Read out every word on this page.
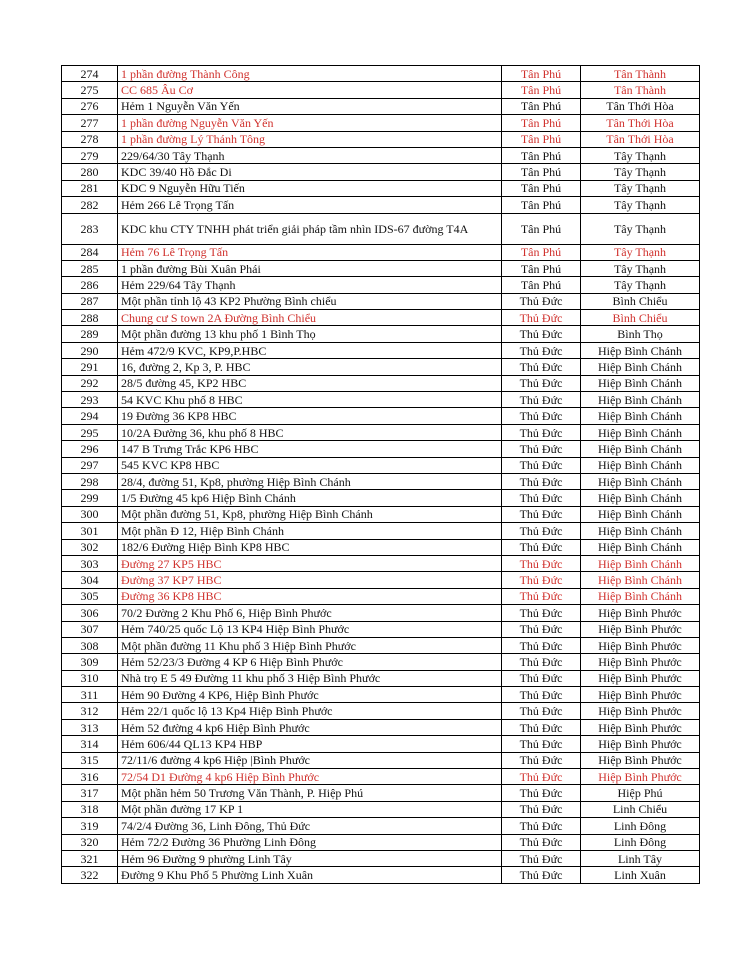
274	1 phần đường Thành Công	Tân Phú	Tân Thành
275	CC 685 Âu Cơ	Tân Phú	Tân Thành
276	Hẻm 1 Nguyễn Văn Yến	Tân Phú	Tân Thới Hòa
277	1 phần đường Nguyễn Văn Yến	Tân Phú	Tân Thới Hòa
278	1 phần đường Lý Thánh Tông	Tân Phú	Tân Thới Hòa
279	229/64/30 Tây Thạnh	Tân Phú	Tây Thạnh
280	KDC 39/40 Hồ Đắc Di	Tân Phú	Tây Thạnh
281	KDC 9 Nguyễn Hữu Tiến	Tân Phú	Tây Thạnh
282	Hẻm 266 Lê Trọng Tấn	Tân Phú	Tây Thạnh
283	KDC khu CTY TNHH phát triển giải pháp tầm nhìn IDS-67 đường T4A	Tân Phú	Tây Thạnh
284	Hẻm 76 Lê Trọng Tấn	Tân Phú	Tây Thạnh
285	1 phần đường Bùi Xuân Phái	Tân Phú	Tây Thạnh
286	Hẻm 229/64 Tây Thạnh	Tân Phú	Tây Thạnh
287	Một phần tỉnh lộ 43 KP2 Phường Bình chiểu	Thủ Đức	Bình Chiểu
288	Chung cư S town 2A Đường Bình Chiểu	Thủ Đức	Bình Chiểu
289	Một phần đường 13 khu phố 1 Bình Thọ	Thủ Đức	Bình Thọ
290	Hẻm 472/9 KVC, KP9,P.HBC	Thủ Đức	Hiệp Bình Chánh
291	16, đường 2, Kp 3, P. HBC	Thủ Đức	Hiệp Bình Chánh
292	28/5 đường 45, KP2 HBC	Thủ Đức	Hiệp Bình Chánh
293	54 KVC Khu phố 8 HBC	Thủ Đức	Hiệp Bình Chánh
294	19 Đường 36 KP8 HBC	Thủ Đức	Hiệp Bình Chánh
295	10/2A Đường 36, khu phố 8 HBC	Thủ Đức	Hiệp Bình Chánh
296	147 B Trưng Trắc KP6 HBC	Thủ Đức	Hiệp Bình Chánh
297	545 KVC KP8 HBC	Thủ Đức	Hiệp Bình Chánh
298	28/4, đường 51, Kp8, phường Hiệp Bình Chánh	Thủ Đức	Hiệp Bình Chánh
299	1/5 Đường 45 kp6 Hiệp Bình Chánh	Thủ Đức	Hiệp Bình Chánh
300	Một phần đường 51, Kp8, phường Hiệp Bình Chánh	Thủ Đức	Hiệp Bình Chánh
301	Một phần Đ 12, Hiệp Bình Chánh	Thủ Đức	Hiệp Bình Chánh
302	182/6 Đường Hiệp Bình KP8 HBC	Thủ Đức	Hiệp Bình Chánh
303	Đường 27 KP5 HBC	Thủ Đức	Hiệp Bình Chánh
304	Đường 37 KP7 HBC	Thủ Đức	Hiệp Bình Chánh
305	Đường 36 KP8 HBC	Thủ Đức	Hiệp Bình Chánh
306	70/2 Đường 2 Khu Phố 6, Hiệp Bình Phước	Thủ Đức	Hiệp Bình Phước
307	Hẻm 740/25 quốc Lộ 13 KP4 Hiệp Bình Phước	Thủ Đức	Hiệp Bình Phước
308	Một phần đường 11 Khu phố 3 Hiệp Bình Phước	Thủ Đức	Hiệp Bình Phước
309	Hẻm 52/23/3 Đường 4 KP 6 Hiệp Bình Phước	Thủ Đức	Hiệp Bình Phước
310	Nhà trọ E 5 49 Đường 11 khu phố 3 Hiệp Bình Phước	Thủ Đức	Hiệp Bình Phước
311	Hẻm 90 Đường 4 KP6, Hiệp Bình Phước	Thủ Đức	Hiệp Bình Phước
312	Hẻm 22/1 quốc lộ 13 Kp4 Hiệp Bình Phước	Thủ Đức	Hiệp Bình Phước
313	Hẻm 52 đường 4 kp6 Hiệp Bình Phước	Thủ Đức	Hiệp Bình Phước
314	Hẻm 606/44 QL13 KP4 HBP	Thủ Đức	Hiệp Bình Phước
315	72/11/6 đường 4 kp6 Hiệp |Bình Phước	Thủ Đức	Hiệp Bình Phước
316	72/54 D1 Đường 4 kp6 Hiệp Bình Phước	Thủ Đức	Hiệp Bình Phước
317	Một phần hẻm 50 Trương Văn Thành, P. Hiệp Phú	Thủ Đức	Hiệp Phú
318	Một phần đường 17 KP 1	Thủ Đức	Linh Chiểu
319	74/2/4 Đường 36, Linh Đông, Thủ Đức	Thủ Đức	Linh Đông
320	Hẻm 72/2 Đường 36 Phường Linh Đông	Thủ Đức	Linh Đông
321	Hẻm 96 Đường 9 phường Linh Tây	Thủ Đức	Linh Tây
322	Đường 9 Khu Phố 5 Phường Linh Xuân	Thủ Đức	Linh Xuân
